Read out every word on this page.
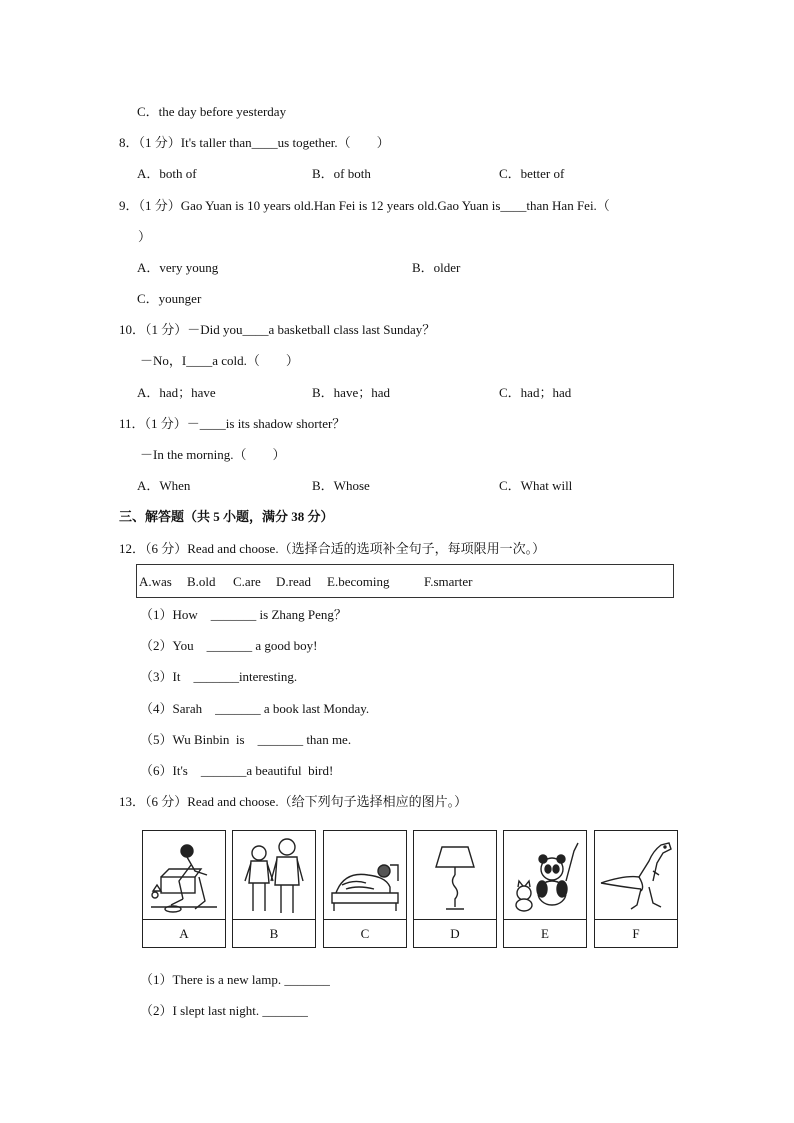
C．the day before yesterday
8．（1 分）It's taller than____us together.（　　）
A．both of	B．of both	C．better of
9．（1 分）Gao Yuan is 10 years old.Han Fei is 12 years old.Gao Yuan is____than Han Fei.（
）
A．very young	B．older
C．younger
10．（1 分）－Did you____a basketball class last Sunday？
－No，I____a cold.（　　）
A．had；have	B．have；had	C．had；had
11．（1 分）－____is its shadow shorter？
－In the morning.（　　）
A．When	B．Whose	C．What will
三、解答题（共 5 小题，满分 38 分）
12．（6 分）Read and choose.（选择合适的选项补全句子，每项限用一次。）
A.was B.old C.are D.read E.becoming	F.smarter
（1）How　_______ is Zhang Peng？
（2）You　_______ a good boy!
（3）It　_______interesting.
（4）Sarah　_______ a book last Monday.
（5）Wu Binbin  is　_______ than me.
（6）It's　_______a beautiful  bird!
13．（6 分）Read and choose.（给下列句子选择相应的图片。）
A	B	C	D	E	F
（1）There is a new lamp. _______
（2）I slept last night. _______
